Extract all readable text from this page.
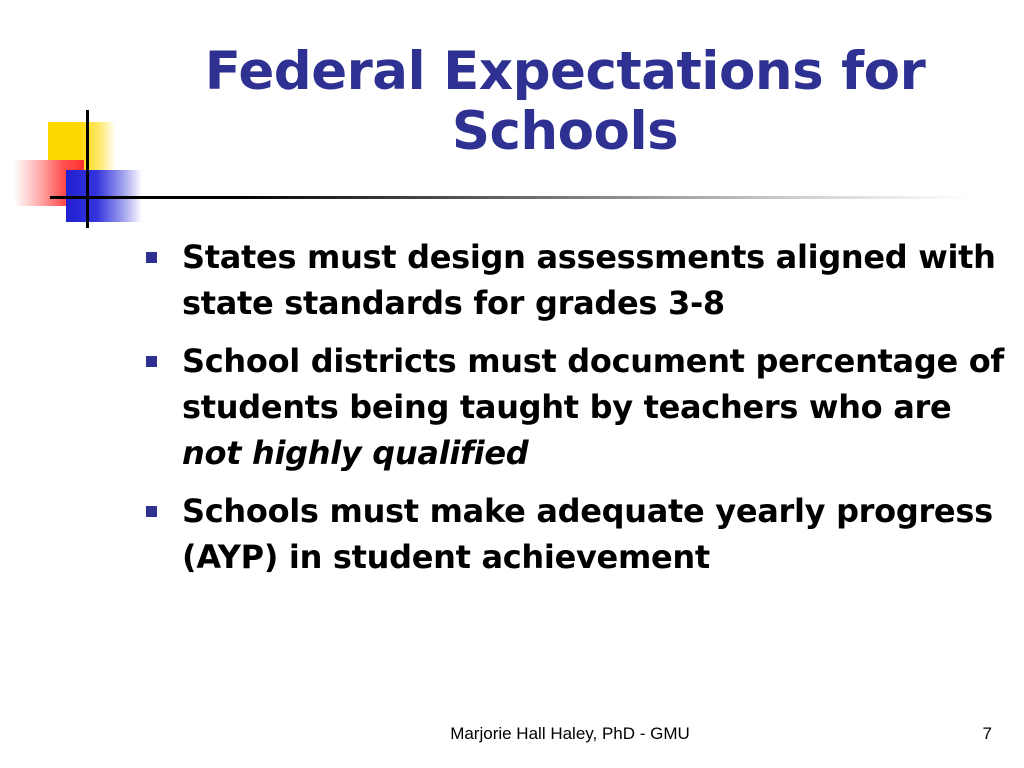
Federal Expectations for
Schools
States must design assessments aligned with state standards for grades 3-8
School districts must document percentage of students being taught by teachers who are not highly qualified
Schools must make adequate yearly progress (AYP) in student achievement
Marjorie Hall Haley, PhD - GMU	7
